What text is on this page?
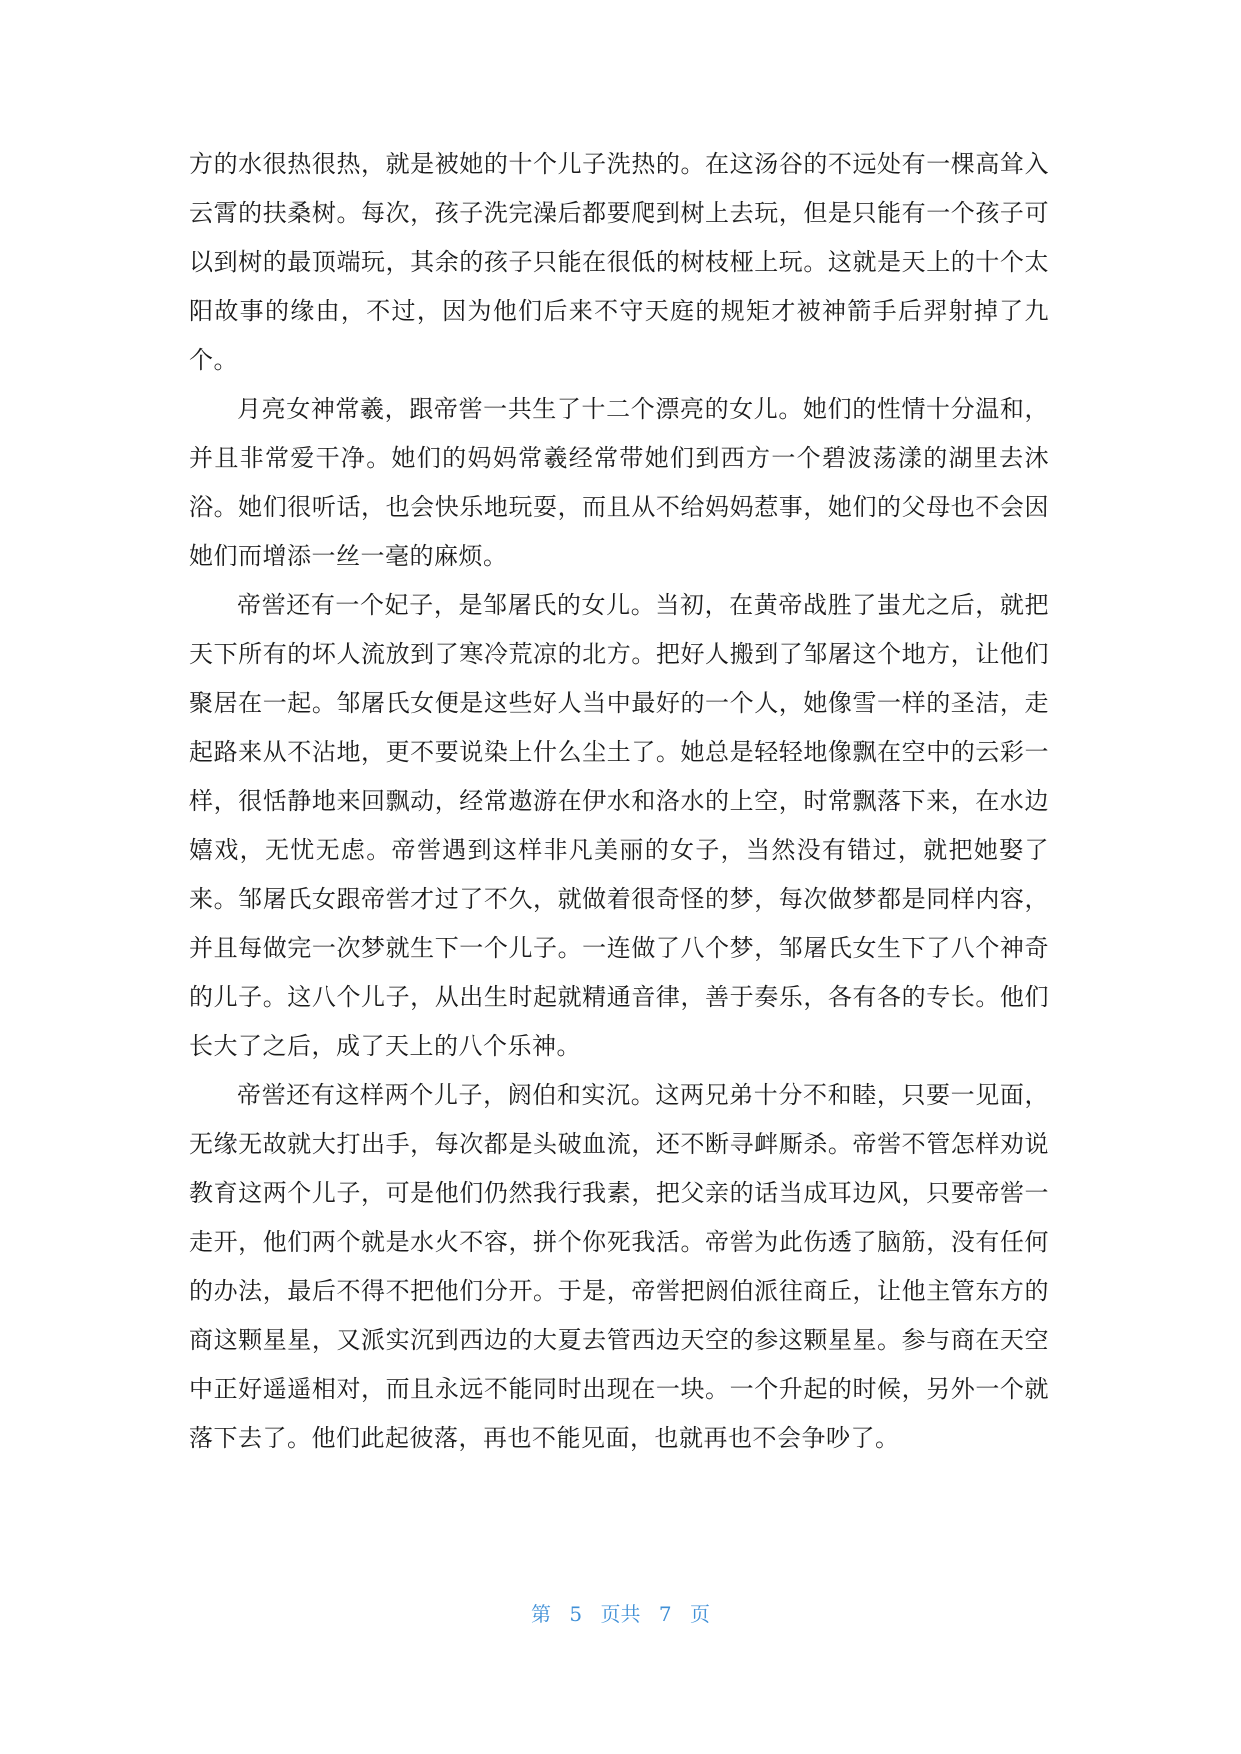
方的水很热很热，就是被她的十个儿子洗热的。在这汤谷的不远处有一棵高耸入云霄的扶桑树。每次，孩子洗完澡后都要爬到树上去玩，但是只能有一个孩子可以到树的最顶端玩，其余的孩子只能在很低的树枝桠上玩。这就是天上的十个太阳故事的缘由，不过，因为他们后来不守天庭的规矩才被神箭手后羿射掉了九个。

月亮女神常羲，跟帝喾一共生了十二个漂亮的女儿。她们的性情十分温和，并且非常爱干净。她们的妈妈常羲经常带她们到西方一个碧波荡漾的湖里去沐浴。她们很听话，也会快乐地玩耍，而且从不给妈妈惹事，她们的父母也不会因她们而增添一丝一毫的麻烦。

帝喾还有一个妃子，是邹屠氏的女儿。当初，在黄帝战胜了蚩尤之后，就把天下所有的坏人流放到了寒冷荒凉的北方。把好人搬到了邹屠这个地方，让他们聚居在一起。邹屠氏女便是这些好人当中最好的一个人，她像雪一样的圣洁，走起路来从不沾地，更不要说染上什么尘土了。她总是轻轻地像飘在空中的云彩一样，很恬静地来回飘动，经常遨游在伊水和洛水的上空，时常飘落下来，在水边嬉戏，无忧无虑。帝喾遇到这样非凡美丽的女子，当然没有错过，就把她娶了来。邹屠氏女跟帝喾才过了不久，就做着很奇怪的梦，每次做梦都是同样内容，并且每做完一次梦就生下一个儿子。一连做了八个梦，邹屠氏女生下了八个神奇的儿子。这八个儿子，从出生时起就精通音律，善于奏乐，各有各的专长。他们长大了之后，成了天上的八个乐神。

帝喾还有这样两个儿子，阏伯和实沉。这两兄弟十分不和睦，只要一见面，无缘无故就大打出手，每次都是头破血流，还不断寻衅厮杀。帝喾不管怎样劝说教育这两个儿子，可是他们仍然我行我素，把父亲的话当成耳边风，只要帝喾一走开，他们两个就是水火不容，拼个你死我活。帝喾为此伤透了脑筋，没有任何的办法，最后不得不把他们分开。于是，帝喾把阏伯派往商丘，让他主管东方的商这颗星星，又派实沉到西边的大夏去管西边天空的参这颗星星。参与商在天空中正好遥遥相对，而且永远不能同时出现在一块。一个升起的时候，另外一个就落下去了。他们此起彼落，再也不能见面，也就再也不会争吵了。

第 5 页共 7 页
